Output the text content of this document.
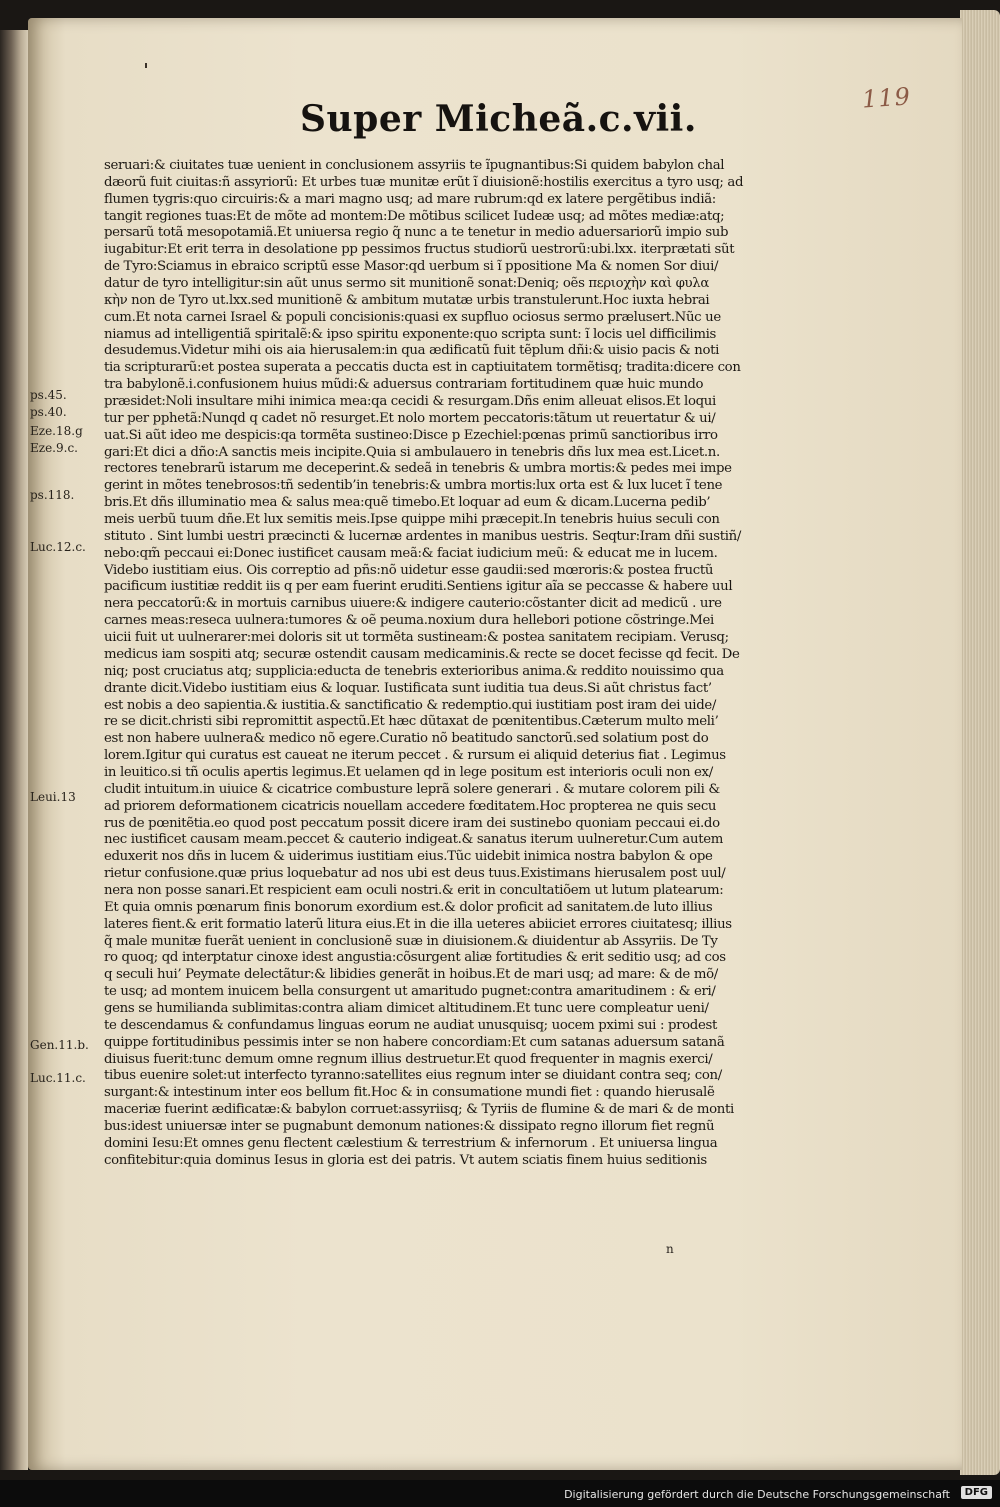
119
Super Micheã.c.vii.
ps.45.
ps.40.
Eze.18.g
Eze.9.c.
ps.118.
Luc.12.c.
Leui.13
Gen.11.b.
Luc.11.c.
seruari:& ciuitates tuæ uenient in conclusionem assyriis te ĩpugnantibus:Si quidem babylon chal
dæorũ fuit ciuitas:ñ assyriorũ: Et urbes tuæ munitæ erũt ĩ diuisionẽ:hostilis exercitus a tyro usq; ad
flumen tygris:quo circuiris:& a mari magno usq; ad mare rubrum:qd ex latere pergẽtibus indiã:
tangit regiones tuas:Et de mõte ad montem:De mõtibus scilicet Iudeæ usq; ad mõtes mediæ:atq;
persarũ totã mesopotamiã.Et uniuersa regio q̃ nunc a te tenetur in medio aduersariorũ impio sub
iugabitur:Et erit terra in desolatione pp pessimos fructus studiorũ uestrorũ:ubi.lxx. iterprætati sũt
de Tyro:Sciamus in ebraico scriptũ esse Masor:qd uerbum si ĩ ppositione Ma & nomen Sor diui/
datur de tyro intelligitur:sin aũt unus sermo sit munitionẽ sonat:Deniq; oẽs περιοχὴν καὶ φυλα
κὴν non de Tyro ut.lxx.sed munitionẽ & ambitum mutatæ urbis transtulerunt.Hoc iuxta hebrai
cum.Et nota carnei Israel & populi concisionis:quasi ex supfluo ociosus sermo prælusert.Nũc ue
niamus ad intelligentiã spiritalẽ:& ipso spiritu exponente:quo scripta sunt: ĩ locis uel difficilimis
desudemus.Videtur mihi ois aia hierusalem:in qua ædificatũ fuit tẽplum dñi:& uisio pacis & noti
tia scripturarũ:et postea superata a peccatis ducta est in captiuitatem tormẽtisq; tradita:dicere con
tra babylonẽ.i.confusionem huius mũdi:& aduersus contrariam fortitudinem quæ huic mundo
præsidet:Noli insultare mihi inimica mea:qa cecidi & resurgam.Dñs enim alleuat elisos.Et loqui
tur per pphetã:Nunqd q cadet nõ resurget.Et nolo mortem peccatoris:tãtum ut reuertatur & ui/
uat.Si aũt ideo me despicis:qa tormẽta sustineo:Disce p Ezechiel:pœnas primũ sanctioribus irro
gari:Et dici a dño:A sanctis meis incipite.Quia si ambulauero in tenebris dñs lux mea est.Licet.n.
rectores tenebrarũ istarum me deceperint.& sedeã in tenebris & umbra mortis:& pedes mei impe
gerint in mõtes tenebrosos:tñ sedentib’in tenebris:& umbra mortis:lux orta est & lux lucet ĩ tene
bris.Et dñs illuminatio mea & salus mea:quẽ timebo.Et loquar ad eum & dicam.Lucerna pedib’
meis uerbũ tuum dñe.Et lux semitis meis.Ipse quippe mihi præcepit.In tenebris huius seculi con
stituto . Sint lumbi uestri præcincti & lucernæ ardentes in manibus uestris. Seqtur:Iram dñi sustiñ/
nebo:qm̃ peccaui ei:Donec iustificet causam meã:& faciat iudicium meũ: & educat me in lucem.
Videbo iustitiam eius. Ois correptio ad pñs:nõ uidetur esse gaudii:sed mœroris:& postea fructũ
pacificum iustitiæ reddit iis q per eam fuerint eruditi.Sentiens igitur aĩa se peccasse & habere uul
nera peccatorũ:& in mortuis carnibus uiuere:& indigere cauterio:cõstanter dicit ad medicũ . ure
carnes meas:reseca uulnera:tumores & oẽ peuma.noxium dura hellebori potione cõstringe.Mei
uicii fuit ut uulnerarer:mei doloris sit ut tormẽta sustineam:& postea sanitatem recipiam. Verusq;
medicus iam sospiti atq; securæ ostendit causam medicaminis.& recte se docet fecisse qd fecit. De
niq; post cruciatus atq; supplicia:educta de tenebris exterioribus anima.& reddito nouissimo qua
drante dicit.Videbo iustitiam eius & loquar. Iustificata sunt iuditia tua deus.Si aũt christus fact’
est nobis a deo sapientia.& iustitia.& sanctificatio & redemptio.qui iustitiam post iram dei uide/
re se dicit.christi sibi repromittit aspectũ.Et hæc dũtaxat de pœnitentibus.Cæterum multo meli’
est non habere uulnera& medico nõ egere.Curatio nõ beatitudo sanctorũ.sed solatium post do
lorem.Igitur qui curatus est caueat ne iterum peccet . & rursum ei aliquid deterius fiat . Legimus
in leuitico.si tñ oculis apertis legimus.Et uelamen qd in lege positum est interioris oculi non ex/
cludit intuitum.in uiuice & cicatrice combusture leprã solere generari . & mutare colorem pili &
ad priorem deformationem cicatricis nouellam accedere fœditatem.Hoc propterea ne quis secu
rus de pœnitẽtia.eo quod post peccatum possit dicere iram dei sustinebo quoniam peccaui ei.do
nec iustificet causam meam.peccet & cauterio indigeat.& sanatus iterum uulneretur.Cum autem
eduxerit nos dñs in lucem & uiderimus iustitiam eius.Tũc uidebit inimica nostra babylon & ope
rietur confusione.quæ prius loquebatur ad nos ubi est deus tuus.Existimans hierusalem post uul/
nera non posse sanari.Et respicient eam oculi nostri.& erit in concultatiõem ut lutum platearum:
Et quia omnis pœnarum finis bonorum exordium est.& dolor proficit ad sanitatem.de luto illius
lateres fient.& erit formatio laterũ litura eius.Et in die illa ueteres abiiciet errores ciuitatesq; illius
q̃ male munitæ fuerãt uenient in conclusionẽ suæ in diuisionem.& diuidentur ab Assyriis. De Ty
ro quoq; qd interptatur cinoxe idest angustia:cõsurgent aliæ fortitudies & erit seditio usq; ad cos
q seculi hui’ Peymate delectãtur:& libidies generãt in hoibus.Et de mari usq; ad mare: & de mõ/
te usq; ad montem inuicem bella consurgent ut amaritudo pugnet:contra amaritudinem : & eri/
gens se humilianda sublimitas:contra aliam dimicet altitudinem.Et tunc uere compleatur ueni/
te descendamus & confundamus linguas eorum ne audiat unusquisq; uocem pximi sui : prodest
quippe fortitudinibus pessimis inter se non habere concordiam:Et cum satanas aduersum satanã
diuisus fuerit:tunc demum omne regnum illius destruetur.Et quod frequenter in magnis exerci/
tibus euenire solet:ut interfecto tyranno:satellites eius regnum inter se diuidant contra seq; con/
surgant:& intestinum inter eos bellum fit.Hoc & in consumatione mundi fiet : quando hierusalẽ
maceriæ fuerint ædificatæ:& babylon corruet:assyriisq; & Tyriis de flumine & de mari & de monti
bus:idest uniuersæ inter se pugnabunt demonum nationes:& dissipato regno illorum fiet regnũ
domini Iesu:Et omnes genu flectent cælestium & terrestrium & infernorum . Et uniuersa lingua
confitebitur:quia dominus Iesus in gloria est dei patris. Vt autem sciatis finem huius seditionis
n
Digitalisierung gefördert durch die Deutsche Forschungsgemeinschaft	DFG
